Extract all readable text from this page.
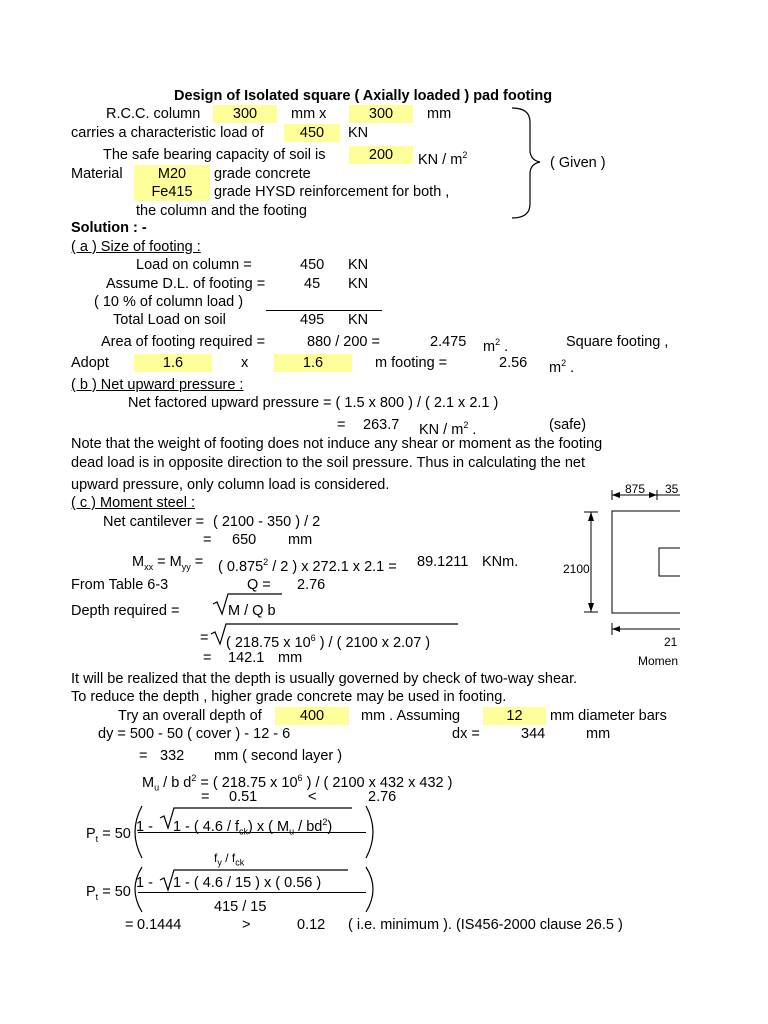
Design of Isolated square ( Axially loaded ) pad footing
R.C.C. column	300	mm x	300	mm
carries a characteristic load of	450	KN
The safe bearing capacity of soil is	200	KN / $m^2$
Material	M20	grade concrete
Fe415	grade HYSD reinforcement for both ,
the column and the footing
( Given )
Solution : -
( a ) Size of footing :
Load on column =	450 KN
Assume D.L. of footing =	45 KN
( 10 % of column load )
Total Load on soil	495 KN
Area of footing required =	880 / 200 =	2.475 $m^2$ .	Square footing ,
Adopt	1.6	x	1.6	m footing =	2.56 $m^2$ .
( b ) Net upward pressure :
Net factored upward pressure = ( 1.5 x 800 ) / ( 2.1 x 2.1 )
= 263.7 KN / $m^2$ .	(safe)
Note that the weight of footing does not induce any shear or moment as the footing
dead load is in opposite direction to the soil pressure. Thus in calculating the net
upward pressure, only column load is considered.
( c ) Moment steel :
Net cantilever = ( 2100 - 350 ) / 2
= 650 mm
$M_{xx} = M_{yy}$ = ( 0.875$^2$ / 2 ) x 272.1 x 2.1 = 89.1211 KNm.
From Table 6-3	Q = 2.76
Depth required =	M / Q b
= ( 218.75 x $10^6$ ) / ( 2100 x 2.07 )
= 142.1 mm
It will be realized that the depth is usually governed by check of two-way shear.
To reduce the depth , higher grade concrete may be used in footing.
Try an overall depth of	400	mm . Assuming	12	mm diameter bars
dy = 500 - 50 ( cover ) - 12 - 6	dx =	344	mm
= 332 mm ( second layer )
$M_u$ / b $d^2$ = ( 218.75 x $10^6$ ) / ( 2100 x 432 x 432 )
= 0.51	<	2.76
$P_t = 50$ 1 - 1 - ( $4.6 / f_{ck}$) x ( $M_u / bd^2$)
$f_y / f_{ck}$
$P_t = 50$
1 - 1 - ( 4.6 / 15 ) x ( 0.56 )
415 / 15
= 0.1444	>	0.12 ( i.e. minimum ). (IS456-2000 clause 26.5 )
875 35
2100
21
Momen
